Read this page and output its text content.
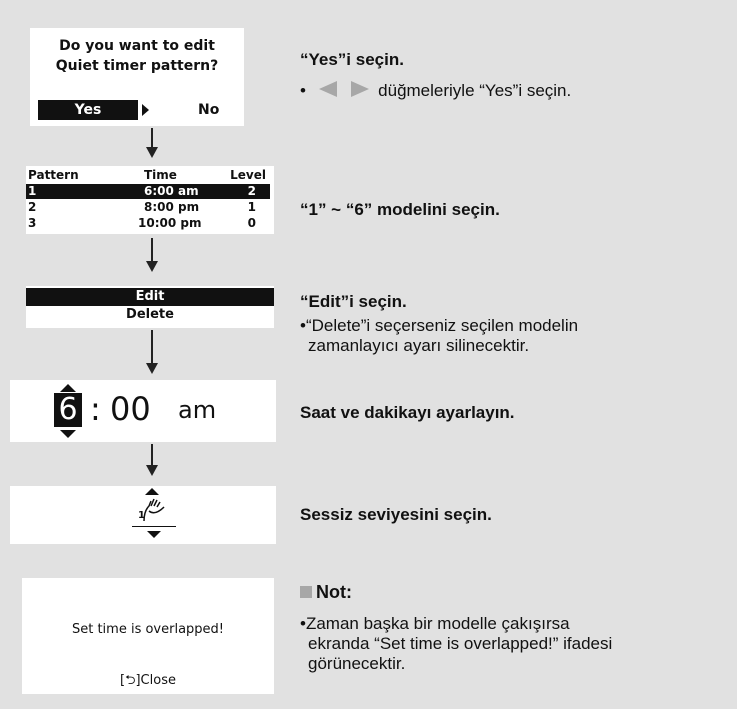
Do you want to edit
Quiet timer pattern?
Yes	No
“Yes”i seçin.
•	düğmeleriyle “Yes”i seçin.
Pattern	Time	Level
1	6:00 am	2
2	8:00 pm	1
3	10:00 pm	0
“1” ~ “6” modelini seçin.
Edit
Delete
“Edit”i seçin.
•“Delete”i seçerseniz seçilen modelin
zamanlayıcı ayarı silinecektir.
6 : 00 am	Saat ve dakikayı ayarlayın.
1	Sessiz seviyesini seçin.
Set time is overlapped!
[⮌]Close
Not:
•Zaman başka bir modelle çakışırsa
ekranda “Set time is overlapped!” ifadesi
görünecektir.
